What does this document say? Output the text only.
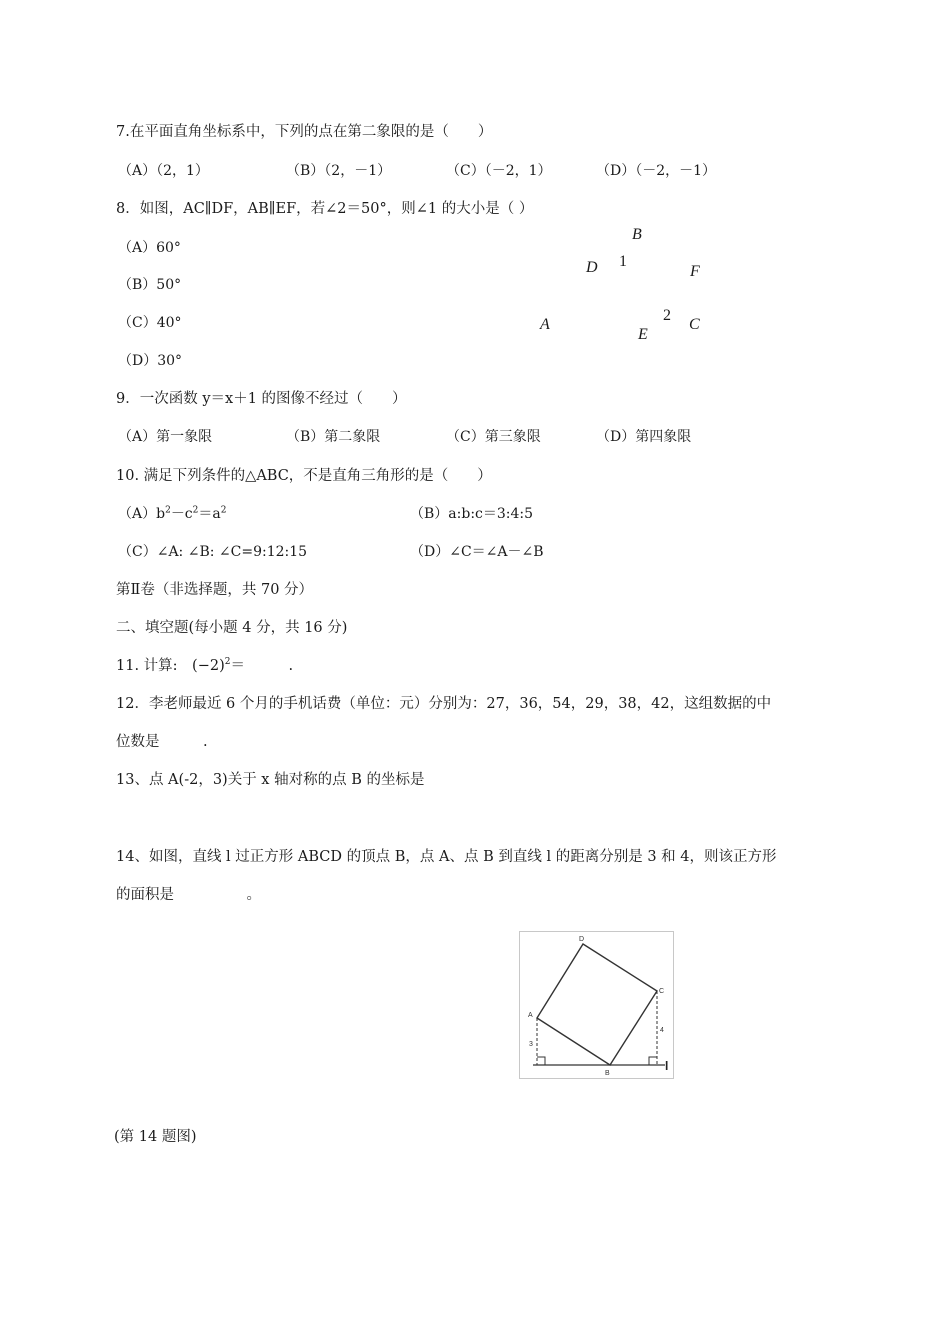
7.在平面直角坐标系中，下列的点在第二象限的是（　　）
（A）（2，1）	（B）（2，－1）	（C）（－2，1）	（D）（－2，－1）
8．如图，AC∥DF，AB∥EF，若∠2＝50°，则∠1 的大小是（ ）
（A）60°
（B）50°
（C）40°
（D）30°
B
D 1
F
A
2
C
E
9．一次函数 y＝x＋1 的图像不经过（　　）
（A）第一象限	（B）第二象限	（C）第三象限	（D）第四象限
10. 满足下列条件的△ABC，不是直角三角形的是（　　）
$(A)b^2-c^2=a^2$	（B）a:b:c＝3:4:5
（C）∠A: ∠B: ∠C=9:12:15	（D）∠C＝∠A－∠B
第Ⅱ卷（非选择题，共 70 分）
二、填空题(每小题 4 分，共 16 分)
11. 计算:　$(-2)^2=$　　　.
12．李老师最近 6 个月的手机话费（单位：元）分别为：27，36，54，29，38，42，这组数据的中
位数是　　　.
13、点 A(-2，3)关于 x 轴对称的点 B 的坐标是
14、如图，直线 l 过正方形 ABCD 的顶点 B，点 A、点 B 到直线 l 的距离分别是 3 和 4，则该正方形
的面积是　　　　　。
D
C
A
B
3
4
l
(第 14 题图)
